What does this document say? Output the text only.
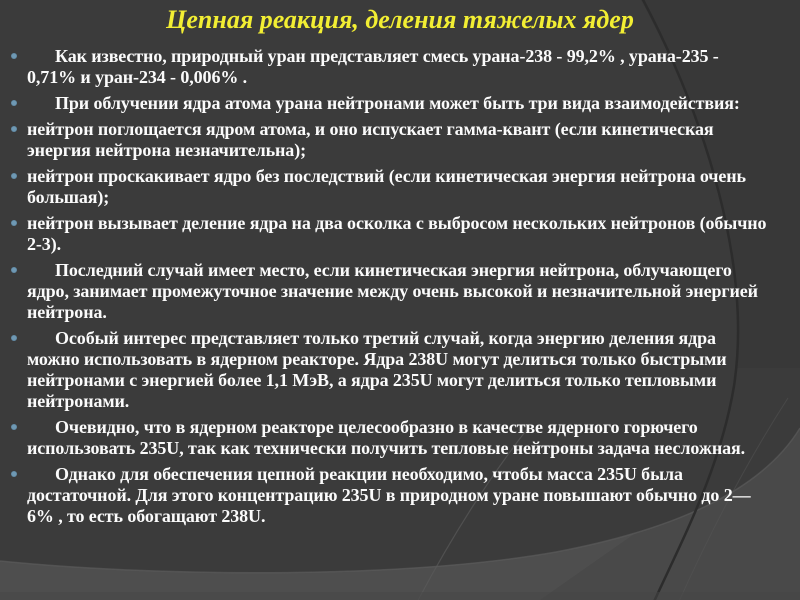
Цепная реакция, деления тяжелых ядер

Как известно, природный уран представляет смесь урана-238 - 99,2% , урана-235 - 0,71% и уран-234 - 0,006% .

При облучении ядра атома урана нейтронами может быть три вида взаимодействия:

нейтрон поглощается ядром атома, и оно испускает гамма-квант (если кинетическая энергия нейтрона незначительна);

нейтрон проскакивает ядро без последствий (если кинетическая энергия нейтрона очень большая);

нейтрон вызывает деление ядра на два осколка с выбросом нескольких нейтронов (обычно 2-3).

Последний случай имеет место, если кинетическая энергия нейтрона, облучающего ядро, занимает промежуточное значение между очень высокой и незначительной энергией нейтрона.

Особый интерес представляет только третий случай, когда энергию деления ядра можно использовать в ядерном реакторе. Ядра 238U могут делиться только быстрыми нейтронами с энергией более 1,1 МэВ, а ядра 235U могут делиться только тепловыми нейтронами.

Очевидно, что в ядерном реакторе целесообразно в качестве ядерного горючего использовать 235U, так как технически получить тепловые нейтроны задача несложная.

Однако для обеспечения цепной реакции необходимо, чтобы масса 235U была достаточной. Для этого концентрацию 235U в природном уране повышают обычно до 2—6% , то есть обогащают 238U.
